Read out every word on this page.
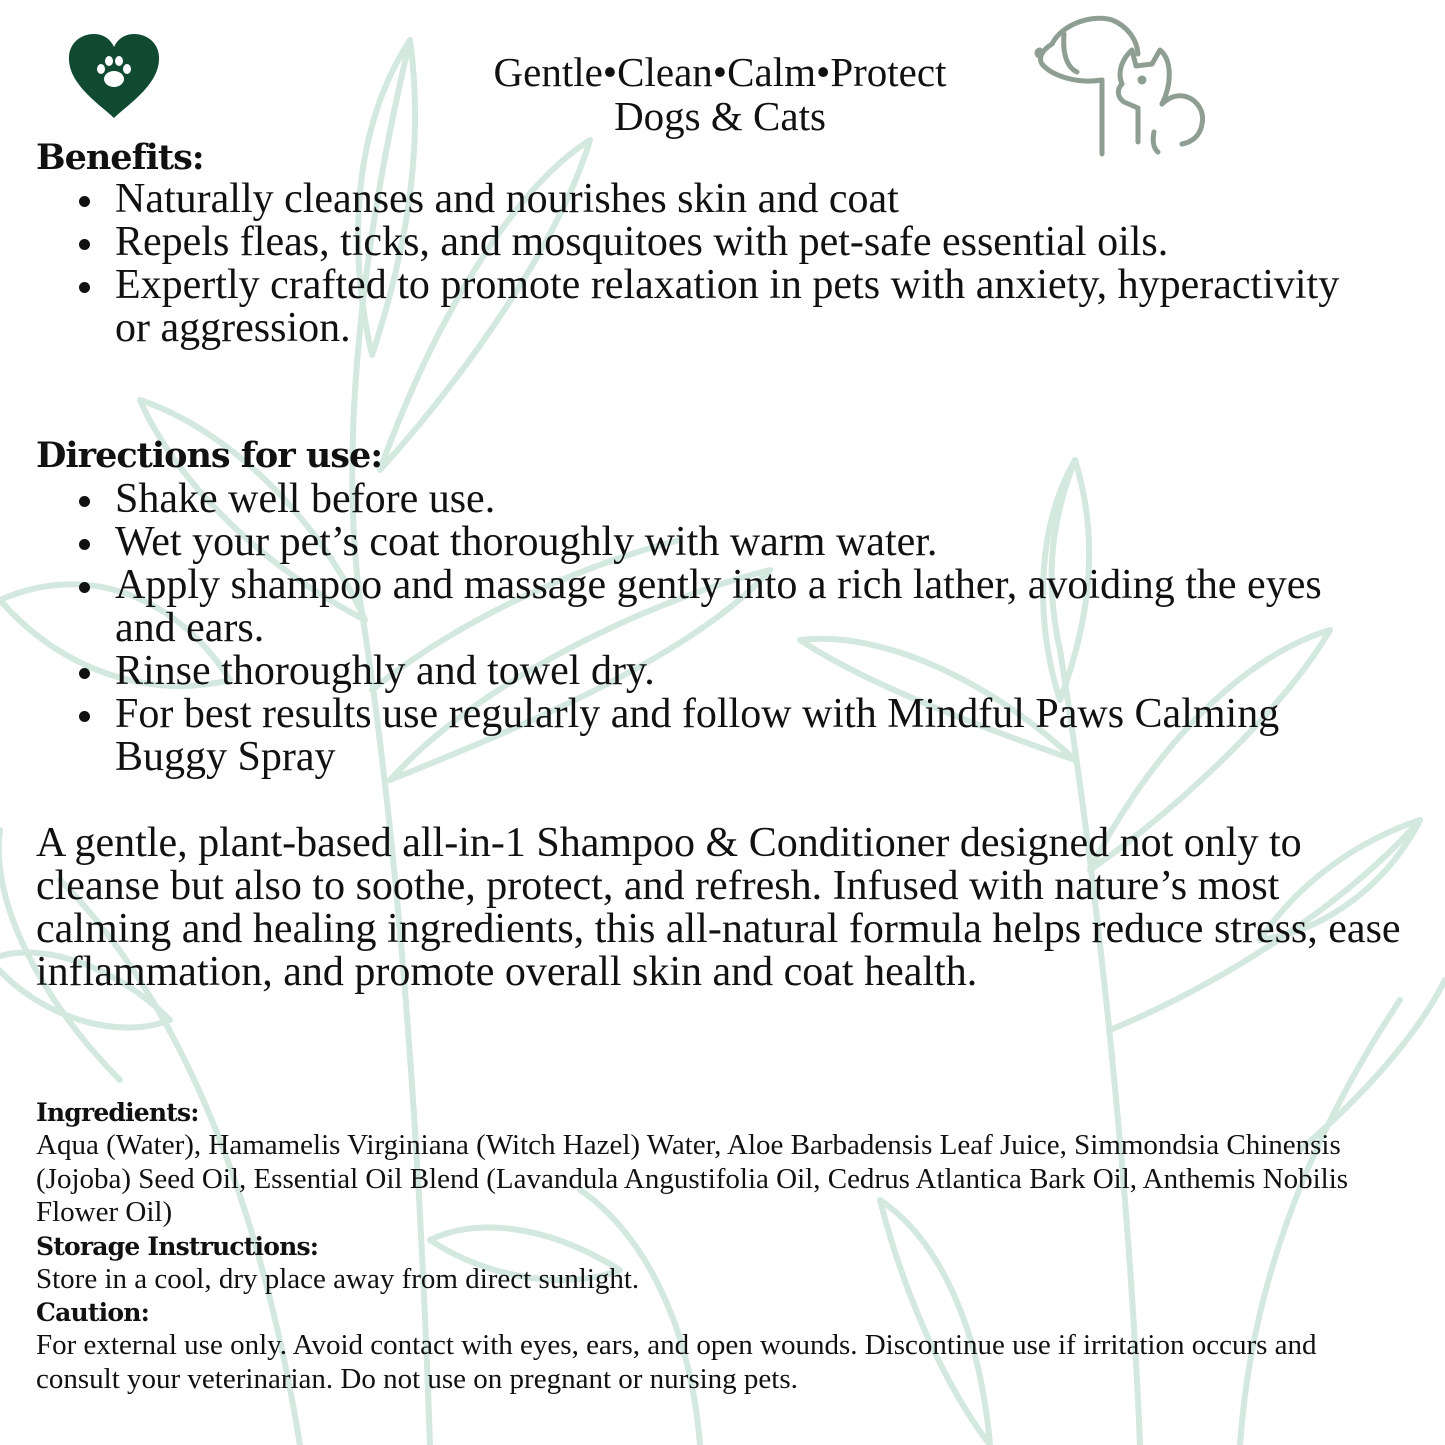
Gentle•Clean•Calm•Protect
Dogs & Cats
Benefits:
Naturally cleanses and nourishes skin and coat
Repels fleas, ticks, and mosquitoes with pet-safe essential oils.
Expertly crafted to promote relaxation in pets with anxiety, hyperactivity or aggression.
Directions for use:
Shake well before use.
Wet your pet’s coat thoroughly with warm water.
Apply shampoo and massage gently into a rich lather, avoiding the eyes and ears.
Rinse thoroughly and towel dry.
For best results use regularly and follow with Mindful Paws Calming Buggy Spray

A gentle, plant-based all-in-1 Shampoo & Conditioner designed not only to cleanse but also to soothe, protect, and refresh. Infused with nature’s most calming and healing ingredients, this all-natural formula helps reduce stress, ease inflammation, and promote overall skin and coat health.

Ingredients:

Aqua (Water), Hamamelis Virginiana (Witch Hazel) Water, Aloe Barbadensis Leaf Juice, Simmondsia Chinensis (Jojoba) Seed Oil, Essential Oil Blend (Lavandula Angustifolia Oil, Cedrus Atlantica Bark Oil, Anthemis Nobilis Flower Oil)

Storage Instructions:

Store in a cool, dry place away from direct sunlight.

Caution:

For external use only. Avoid contact with eyes, ears, and open wounds. Discontinue use if irritation occurs and consult your veterinarian. Do not use on pregnant or nursing pets.
